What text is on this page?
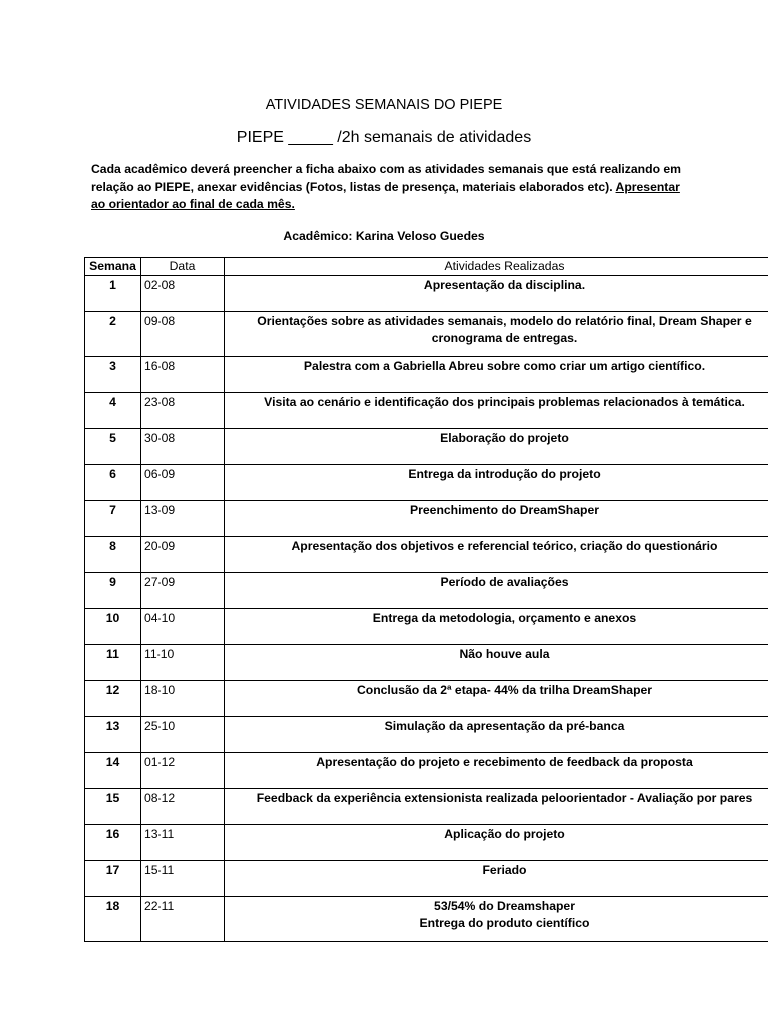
ATIVIDADES SEMANAIS DO PIEPE
PIEPE _____ /2h semanais de atividades
Cada acadêmico deverá preencher a ficha abaixo com as atividades semanais que está realizando em relação ao PIEPE, anexar evidências (Fotos, listas de presença, materiais elaborados etc). Apresentar ao orientador ao final de cada mês.
Acadêmico: Karina Veloso Guedes
Semana	Data	Atividades Realizadas
1	02-08	Apresentação da disciplina.

2	09-08	Orientações sobre as atividades semanais, modelo do relatório final, Dream Shaper e
cronograma de entregas.

3	16-08	Palestra com a Gabriella Abreu sobre como criar um artigo científico.

4	23-08	Visita ao cenário e identificação dos principais problemas relacionados à temática.

5	30-08	Elaboração do projeto

6	06-09	Entrega da introdução do projeto

7	13-09	Preenchimento do DreamShaper

8	20-09	Apresentação dos objetivos e referencial teórico, criação do questionário

9	27-09	Período de avaliações

10	04-10	Entrega da metodologia, orçamento e anexos

11	11-10	Não houve aula

12	18-10	Conclusão da 2ª etapa- 44% da trilha DreamShaper

13	25-10	Simulação da apresentação da pré-banca

14	01-12	Apresentação do projeto e recebimento de feedback da proposta

15	08-12	Feedback da experiência extensionista realizada peloorientador - Avaliação por pares

16	13-11	Aplicação do projeto

17	15-11	Feriado

18	22-11	53/54% do Dreamshaper
Entrega do produto científico
